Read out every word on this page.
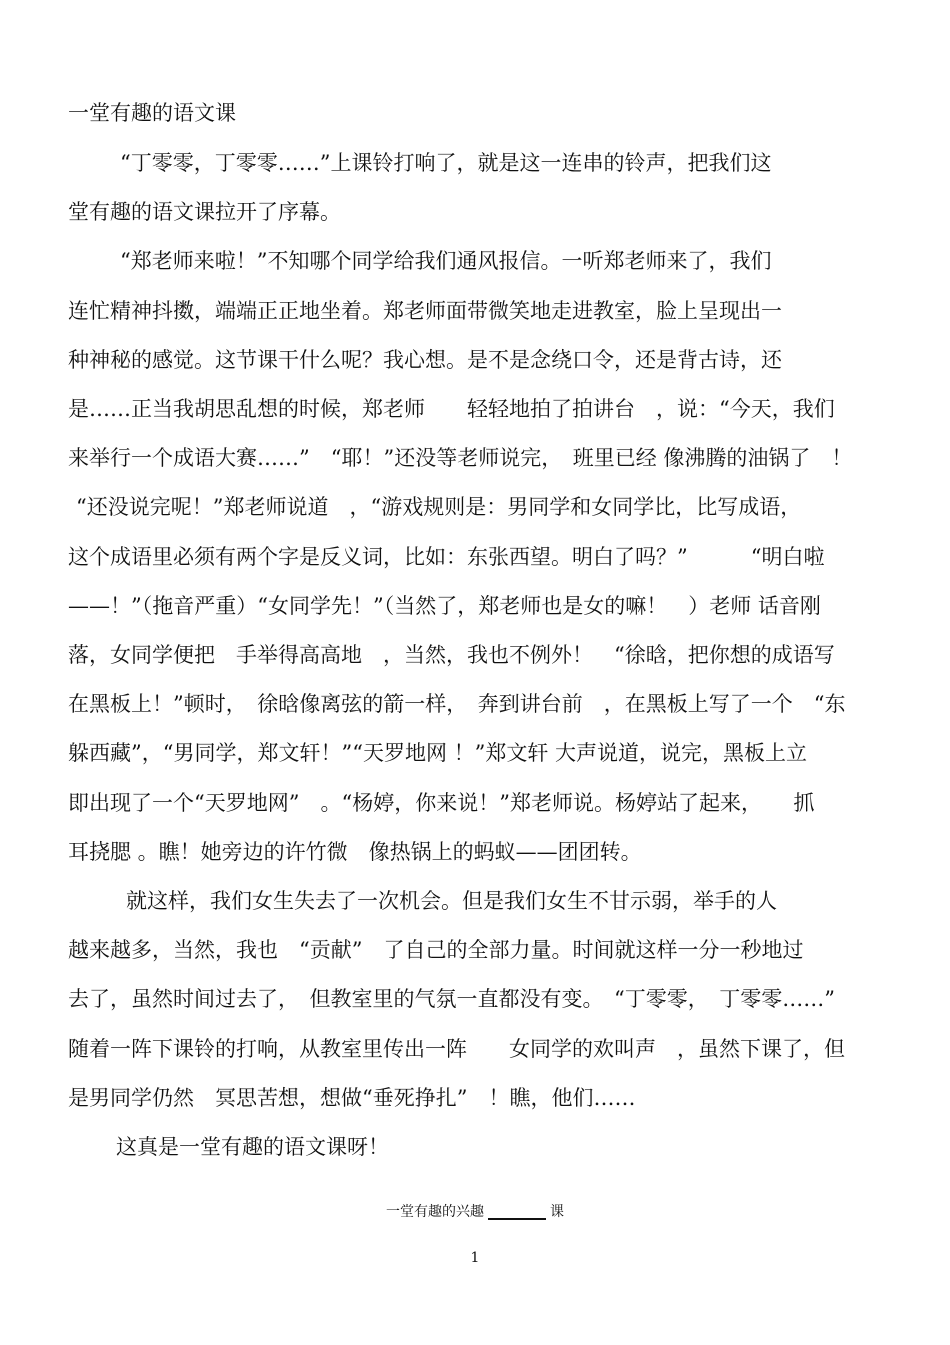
一堂有趣的语文课
“丁零零，丁零零……”上课铃打响了，就是这一连串的铃声，把我们这
堂有趣的语文课拉开了序幕。
“郑老师来啦！”不知哪个同学给我们通风报信。一听郑老师来了，我们
连忙精神抖擞，端端正正地坐着。郑老师面带微笑地走进教室，脸上呈现出一
种神秘的感觉。这节课干什么呢？我心想。是不是念绕口令，还是背古诗，还
是……正当我胡思乱想的时候，郑老师　　轻轻地拍了拍讲台　，说：“今天，我们
来举行一个成语大赛……”　“耶！”还没等老师说完，　班里已经 像沸腾的油锅了　！
“还没说完呢！”郑老师说道　，“游戏规则是：男同学和女同学比，比写成语，
这个成语里必须有两个字是反义词，比如：东张西望。明白了吗？”　　　“明白啦
——！”（拖音严重）“女同学先！”（当然了，郑老师也是女的嘛！　）老师 话音刚
落，女同学便把　手举得高高地　，当然，我也不例外！　“徐晗，把你想的成语写
在黑板上！”顿时，　徐晗像离弦的箭一样，　奔到讲台前　，在黑板上写了一个　“东
躲西藏”，“男同学，郑文轩！”“天罗地网 ！”郑文轩 大声说道，说完，黑板上立
即出现了一个“天罗地网”　。“杨婷，你来说！”郑老师说。杨婷站了起来，　　抓
耳挠腮 。瞧！她旁边的许竹微　像热锅上的蚂蚁——团团转。
就这样，我们女生失去了一次机会。但是我们女生不甘示弱，举手的人
越来越多，当然，我也　“贡献”　了自己的全部力量。时间就这样一分一秒地过
去了，虽然时间过去了，　但教室里的气氛一直都没有变。　“丁零零，　丁零零……”
随着一阵下课铃的打响，从教室里传出一阵　　女同学的欢叫声　，虽然下课了，但
是男同学仍然　冥思苦想，想做“垂死挣扎”　！瞧，他们……
这真是一堂有趣的语文课呀！
一堂有趣的兴趣	课
1
